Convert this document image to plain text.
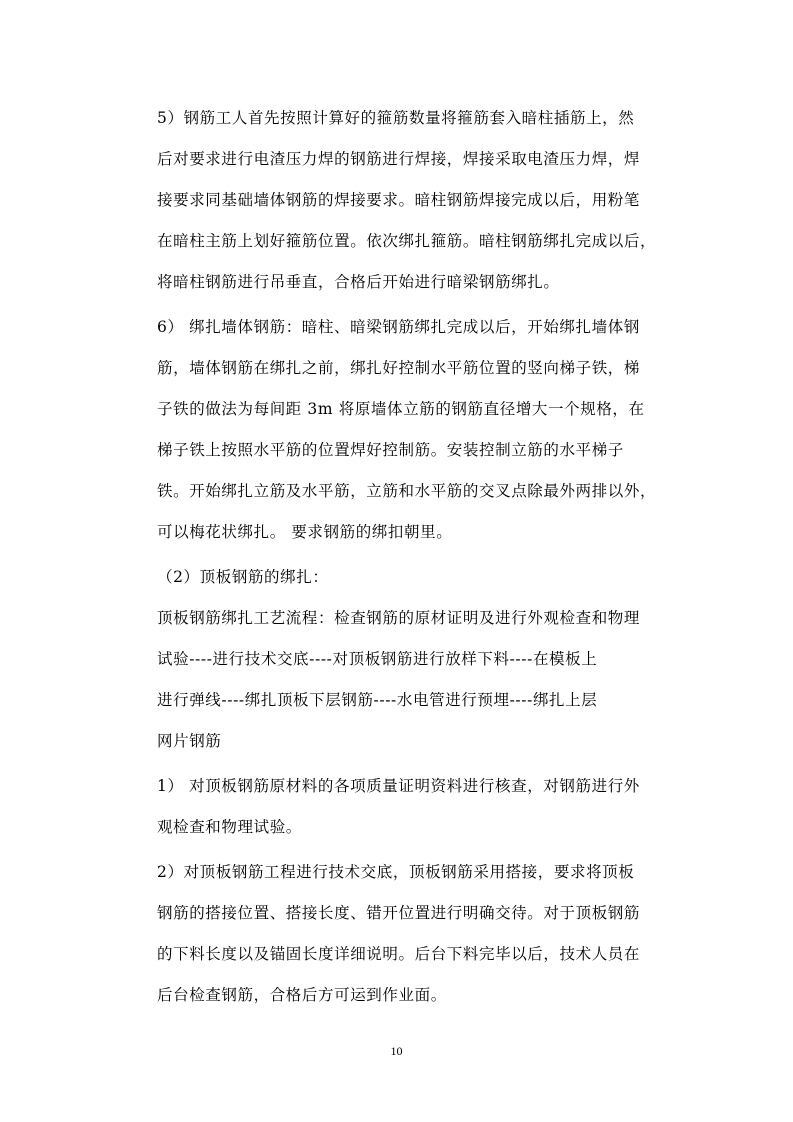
5）钢筋工人首先按照计算好的箍筋数量将箍筋套入暗柱插筋上，然
后对要求进行电渣压力焊的钢筋进行焊接，焊接采取电渣压力焊，焊
接要求同基础墙体钢筋的焊接要求。暗柱钢筋焊接完成以后，用粉笔
在暗柱主筋上划好箍筋位置。依次绑扎箍筋。暗柱钢筋绑扎完成以后，
将暗柱钢筋进行吊垂直，合格后开始进行暗梁钢筋绑扎。
6） 绑扎墙体钢筋：暗柱、暗梁钢筋绑扎完成以后，开始绑扎墙体钢
筋，墙体钢筋在绑扎之前，绑扎好控制水平筋位置的竖向梯子铁，梯
子铁的做法为每间距 3m 将原墙体立筋的钢筋直径增大一个规格，在
梯子铁上按照水平筋的位置焊好控制筋。安装控制立筋的水平梯子
铁。开始绑扎立筋及水平筋，立筋和水平筋的交叉点除最外两排以外，
可以梅花状绑扎。 要求钢筋的绑扣朝里。
（2）顶板钢筋的绑扎：
顶板钢筋绑扎工艺流程：检查钢筋的原材证明及进行外观检查和物理
试验----进行技术交底----对顶板钢筋进行放样下料----在模板上
进行弹线----绑扎顶板下层钢筋----水电管进行预埋----绑扎上层
网片钢筋
1） 对顶板钢筋原材料的各项质量证明资料进行核查，对钢筋进行外
观检查和物理试验。
2）对顶板钢筋工程进行技术交底，顶板钢筋采用搭接，要求将顶板
钢筋的搭接位置、搭接长度、错开位置进行明确交待。对于顶板钢筋
的下料长度以及锚固长度详细说明。后台下料完毕以后，技术人员在
后台检查钢筋，合格后方可运到作业面。
10
